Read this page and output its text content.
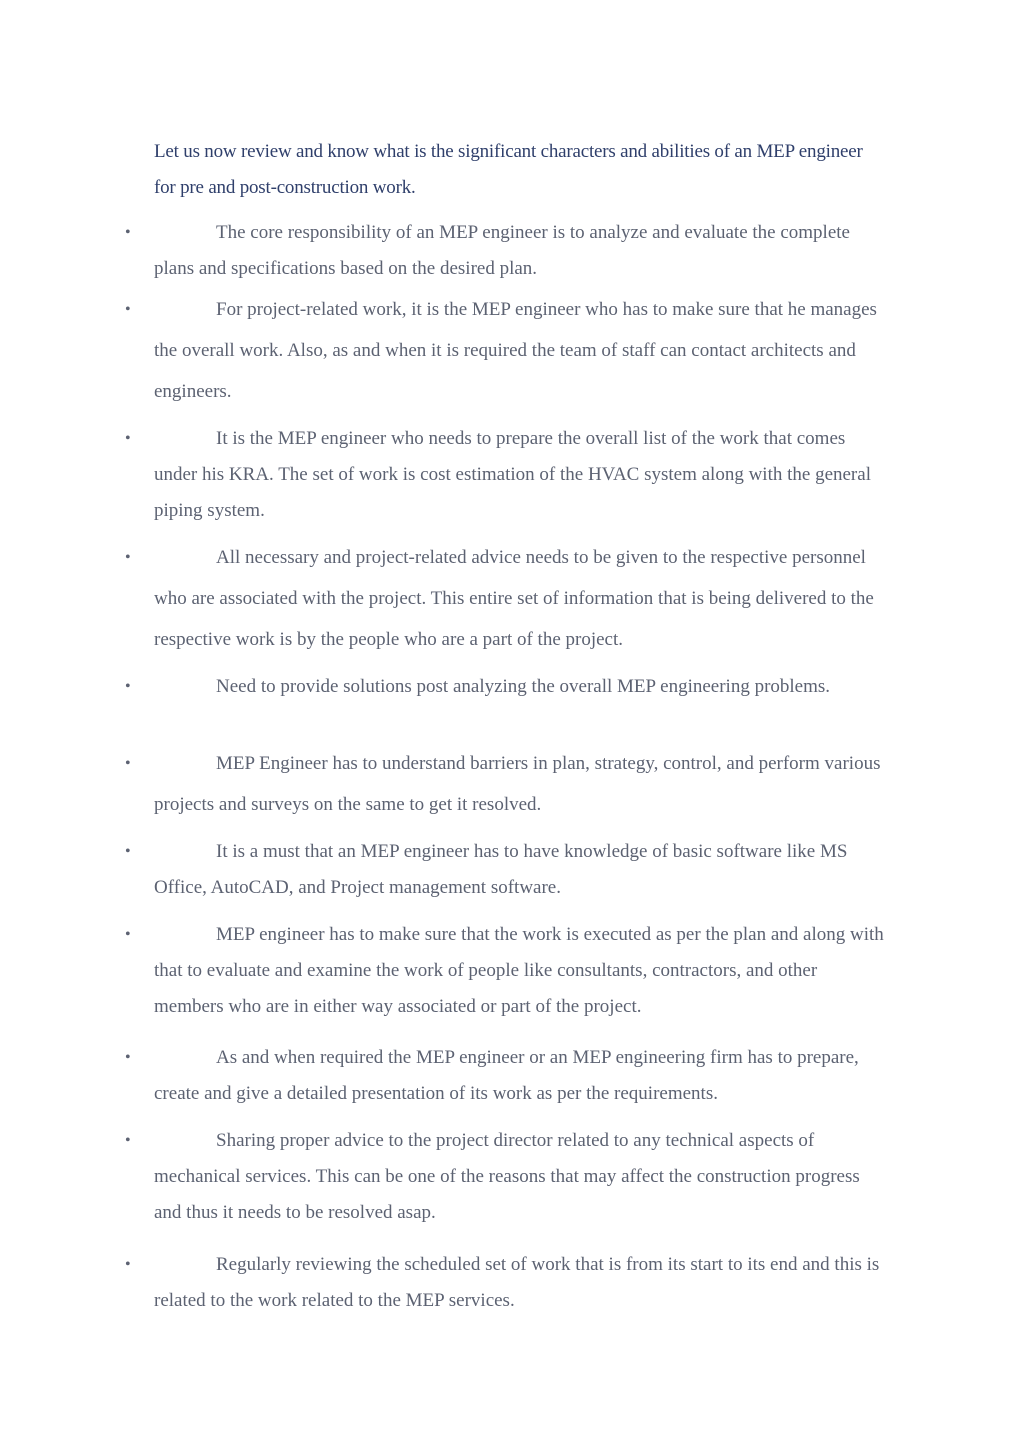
Let us now review and know what is the significant characters and abilities of an MEP engineer for pre and post-construction work.

•	The core responsibility of an MEP engineer is to analyze and evaluate the complete plans and specifications based on the desired plan.
•	For project-related work, it is the MEP engineer who has to make sure that he manages the overall work. Also, as and when it is required the team of staff can contact architects and engineers.
•	It is the MEP engineer who needs to prepare the overall list of the work that comes under his KRA. The set of work is cost estimation of the HVAC system along with the general piping system.
•	All necessary and project-related advice needs to be given to the respective personnel who are associated with the project. This entire set of information that is being delivered to the respective work is by the people who are a part of the project.
•	Need to provide solutions post analyzing the overall MEP engineering problems.
•	MEP Engineer has to understand barriers in plan, strategy, control, and perform various projects and surveys on the same to get it resolved.
•	It is a must that an MEP engineer has to have knowledge of basic software like MS Office, AutoCAD, and Project management software.
•	MEP engineer has to make sure that the work is executed as per the plan and along with that to evaluate and examine the work of people like consultants, contractors, and other members who are in either way associated or part of the project.
•	As and when required the MEP engineer or an MEP engineering firm has to prepare, create and give a detailed presentation of its work as per the requirements.
•	Sharing proper advice to the project director related to any technical aspects of mechanical services. This can be one of the reasons that may affect the construction progress and thus it needs to be resolved asap.
•	Regularly reviewing the scheduled set of work that is from its start to its end and this is related to the work related to the MEP services.
